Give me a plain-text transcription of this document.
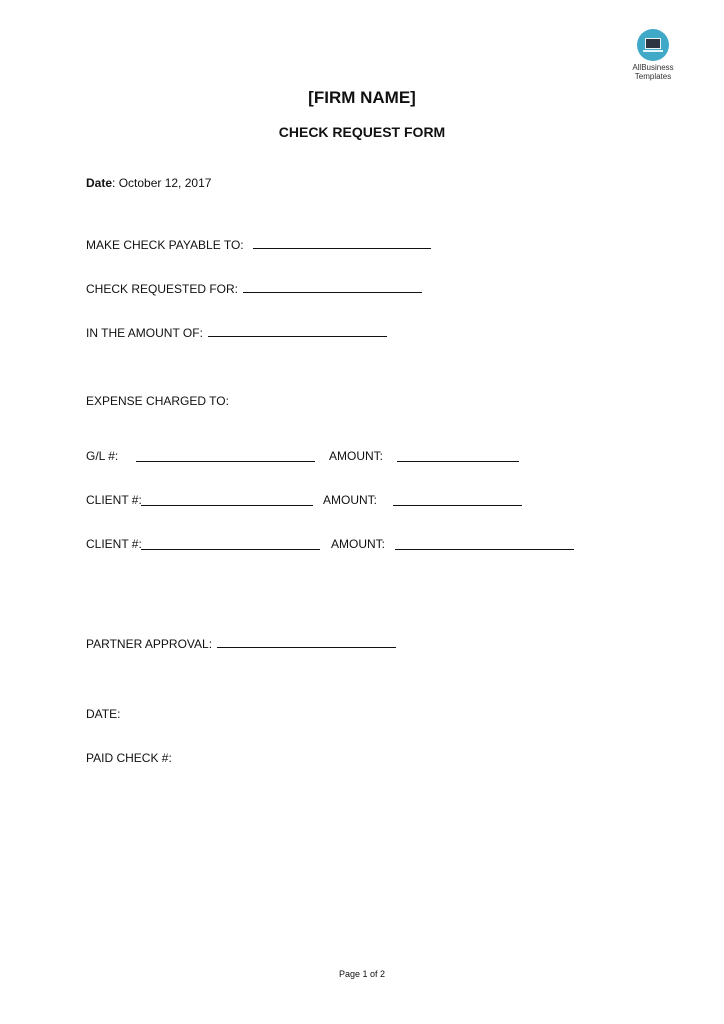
AllBusiness
Templates
[FIRM NAME]
CHECK REQUEST FORM
Date: October 12, 2017
MAKE CHECK PAYABLE TO:
CHECK REQUESTED FOR:
IN THE AMOUNT OF:
EXPENSE CHARGED TO:
G/L #:	AMOUNT:
CLIENT #:	AMOUNT:
CLIENT #:	AMOUNT:
PARTNER APPROVAL:
DATE:
PAID CHECK #:
Page 1 of 2
